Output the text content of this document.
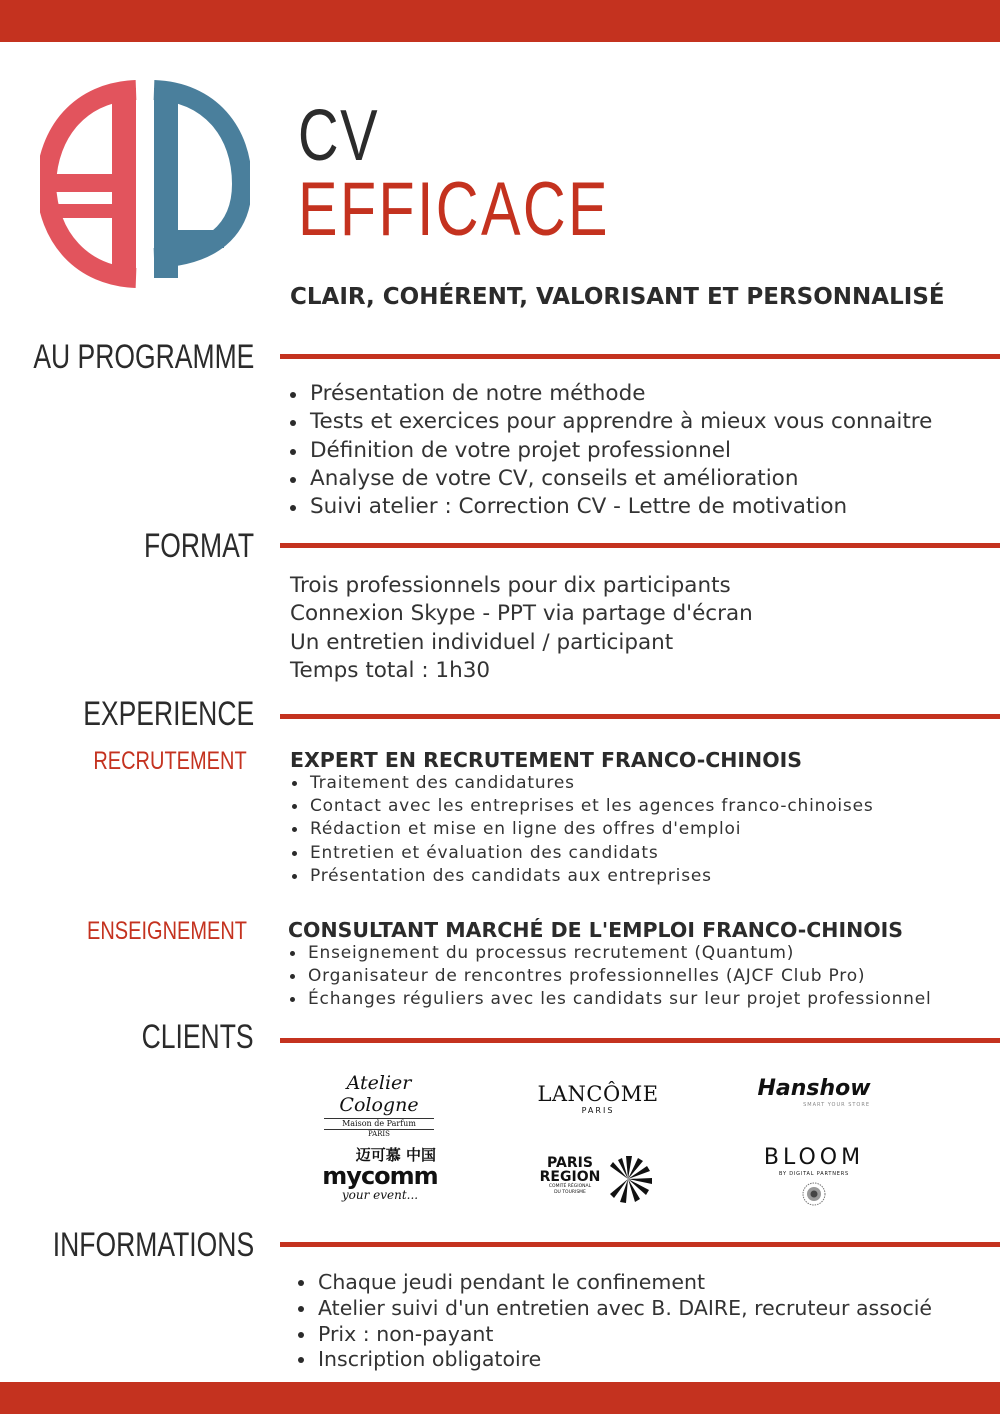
CV
EFFICACE
CLAIR, COHÉRENT, VALORISANT ET PERSONNALISÉ
AU PROGRAMME
Présentation de notre méthode
Tests et exercices pour apprendre à mieux vous connaitre
Définition de votre projet professionnel
Analyse de votre CV, conseils et amélioration
Suivi atelier : Correction CV - Lettre de motivation
FORMAT
Trois professionnels pour dix participants
Connexion Skype - PPT via partage d'écran
Un entretien individuel / participant
Temps total : 1h30
EXPERIENCE
RECRUTEMENT EXPERT EN RECRUTEMENT FRANCO-CHINOIS
Traitement des candidatures
Contact avec les entreprises et les agences franco-chinoises
Rédaction et mise en ligne des offres d'emploi
Entretien et évaluation des candidats
Présentation des candidats aux entreprises
ENSEIGNEMENT CONSULTANT MARCHÉ DE L'EMPLOI FRANCO-CHINOIS
Enseignement du processus recrutement (Quantum)
Organisateur de rencontres professionnelles (AJCF Club Pro)
Échanges réguliers avec les candidats sur leur projet professionnel
CLIENTS
Atelier Cologne
Maison de Parfum
PARIS
LANCÔME
PARIS
Hanshow
SMART YOUR STORE
迈可慕 中国
mycomm
your event...
PARIS
REGION
COMITÉ RÉGIONAL
DU TOURISME
BLOOM
BY DIGITAL PARTNERS
INFORMATIONS
Chaque jeudi pendant le confinement
Atelier suivi d'un entretien avec B. DAIRE, recruteur associé
Prix : non-payant
Inscription obligatoire
